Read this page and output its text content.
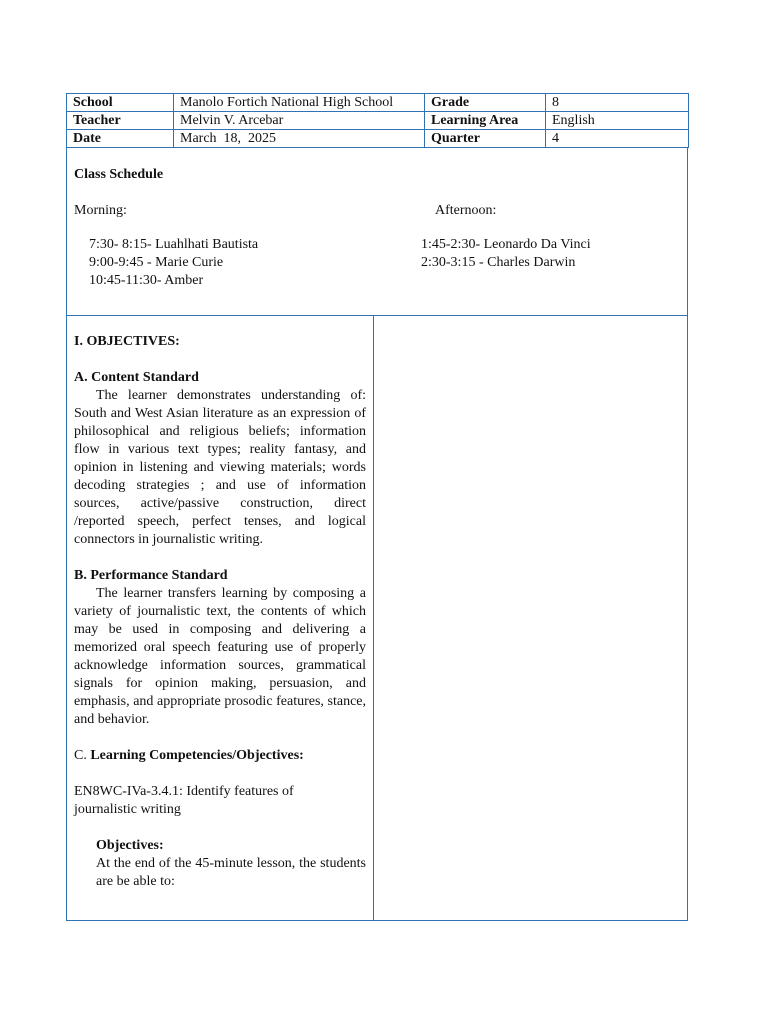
School	Manolo Fortich National High School	Grade	8
Teacher	Melvin V. Arcebar	Learning Area	English
Date	March  18,  2025	Quarter	4
Class Schedule
Morning:	Afternoon:
7:30- 8:15- Luahlhati Bautista
9:00-9:45 - Marie Curie
10:45-11:30- Amber
1:45-2:30- Leonardo Da Vinci
2:30-3:15 - Charles Darwin
I. OBJECTIVES:
A. Content Standard
The learner demonstrates understanding of: South and West Asian literature as an expression of philosophical and religious beliefs; information flow in various text types; reality fantasy, and opinion in listening and viewing materials; words decoding strategies ; and use of information sources, active/passive construction, direct /reported speech, perfect tenses, and logical connectors in journalistic writing.
B. Performance Standard
The learner transfers learning by composing a variety of journalistic text, the contents of which may be used in composing and delivering a memorized oral speech featuring use of properly acknowledge information sources, grammatical signals for opinion making, persuasion, and emphasis, and appropriate prosodic features, stance, and behavior.
C. Learning Competencies/Objectives:
EN8WC-IVa-3.4.1: Identify features of journalistic writing
Objectives:
At the end of the 45-minute lesson, the students are be able to:
